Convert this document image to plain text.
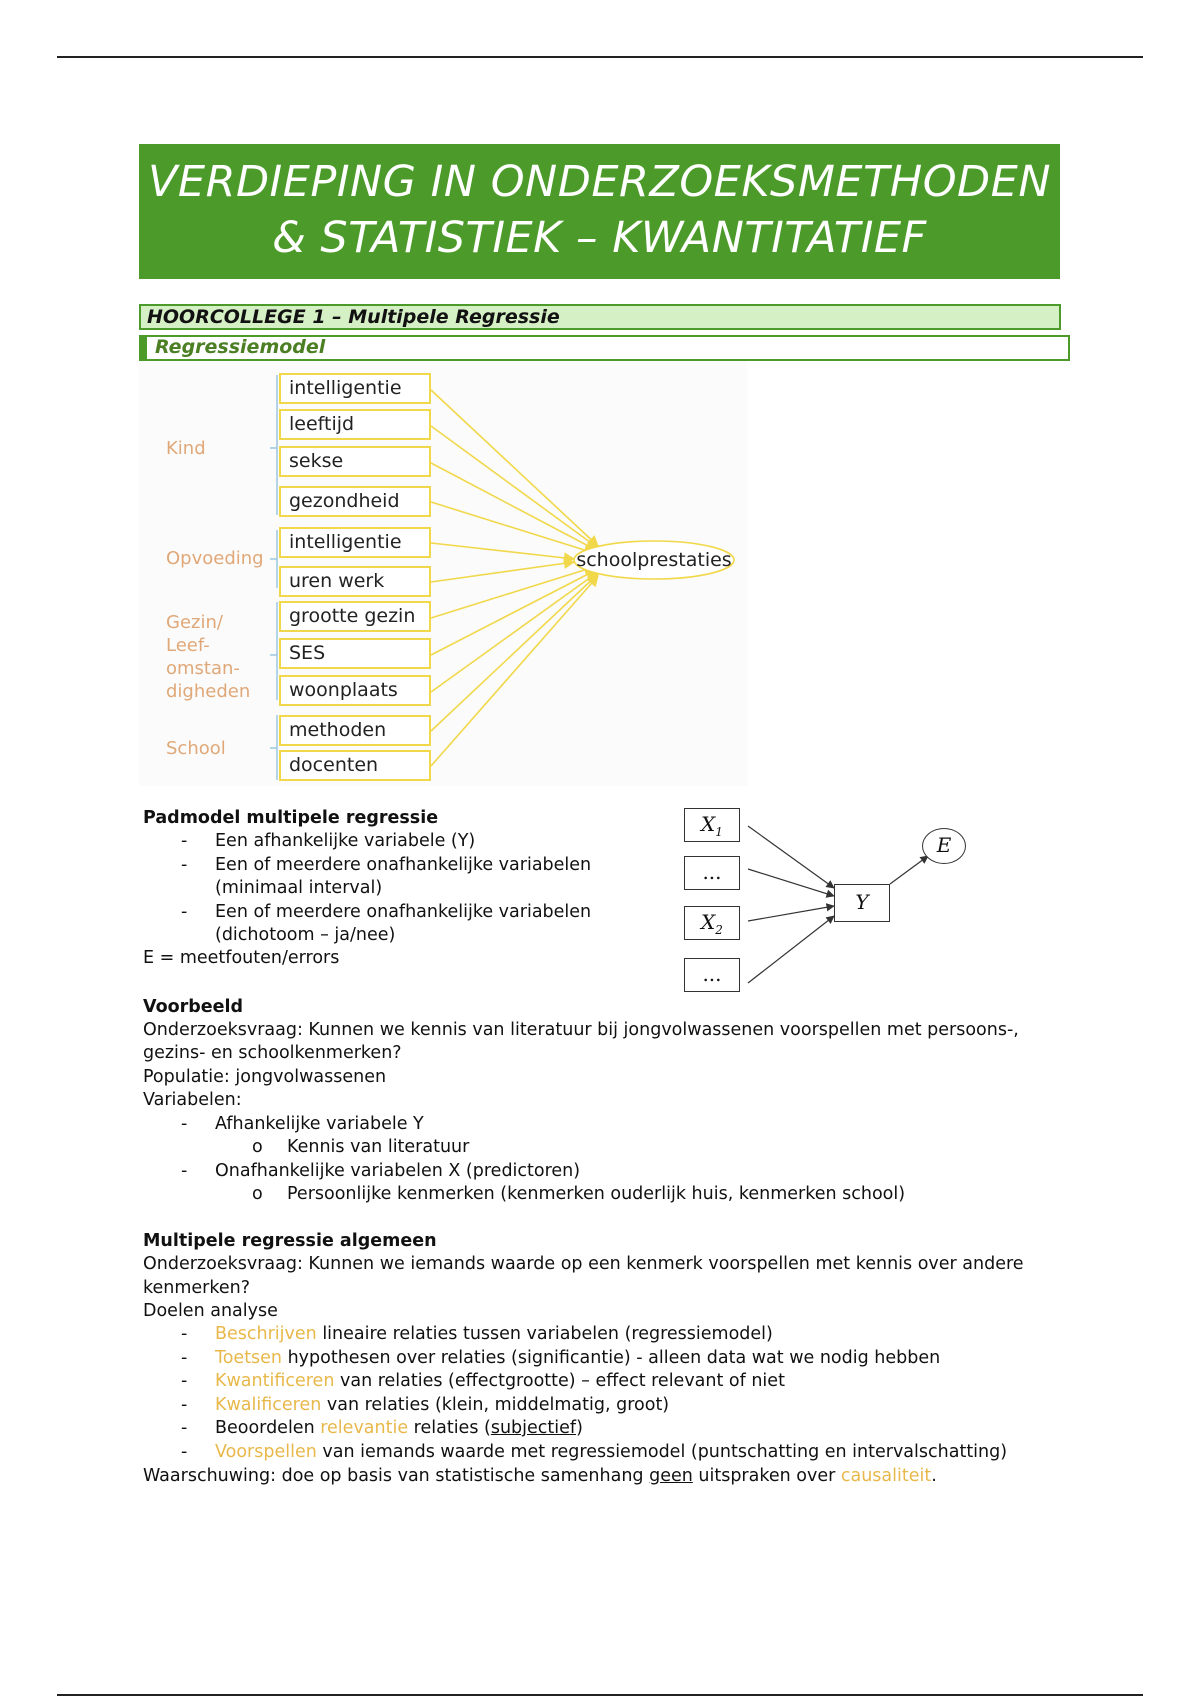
VERDIEPING IN ONDERZOEKSMETHODEN
& STATISTIEK – KWANTITATIEF
HOORCOLLEGE 1 – Multipele Regressie
Regressiemodel
Kind
Opvoeding
Gezin/
Leef-
omstan-
digheden
School
intelligentie
leeftijd
sekse
gezondheid
intelligentie
uren werk
grootte gezin
SES
woonplaats
methoden
docenten
schoolprestaties
Padmodel multipele regressie
- Een afhankelijke variabele (Y)
- Een of meerdere onafhankelijke variabelen
(minimaal interval)
- Een of meerdere onafhankelijke variabelen
(dichotoom – ja/nee)
E = meetfouten/errors
$X_1$
...
$X_2$
...
Y
E
Voorbeeld
Onderzoeksvraag: Kunnen we kennis van literatuur bij jongvolwassenen voorspellen met persoons-,
gezins- en schoolkenmerken?
Populatie: jongvolwassenen
Variabelen:
- Afhankelijke variabele Y
o Kennis van literatuur
- Onafhankelijke variabelen X (predictoren)
o Persoonlijke kenmerken (kenmerken ouderlijk huis, kenmerken school)
Multipele regressie algemeen
Onderzoeksvraag: Kunnen we iemands waarde op een kenmerk voorspellen met kennis over andere
kenmerken?
Doelen analyse
- Beschrijven lineaire relaties tussen variabelen (regressiemodel)
- Toetsen hypothesen over relaties (significantie) - alleen data wat we nodig hebben
- Kwantificeren van relaties (effectgrootte) – effect relevant of niet
- Kwalificeren van relaties (klein, middelmatig, groot)
- Beoordelen relevantie relaties (subjectief)
- Voorspellen van iemands waarde met regressiemodel (puntschatting en intervalschatting)
Waarschuwing: doe op basis van statistische samenhang geen uitspraken over causaliteit.
